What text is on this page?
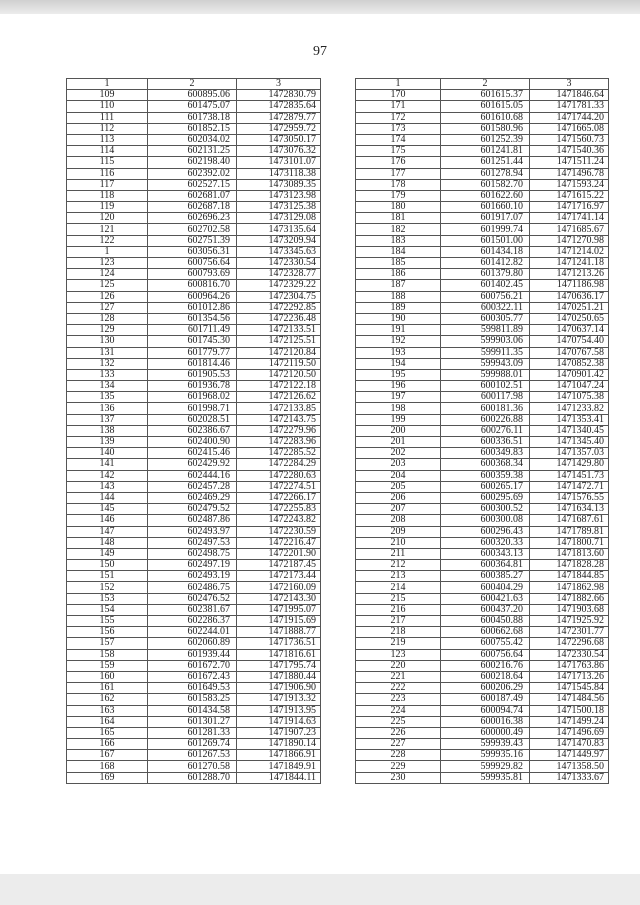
97
1	2	3
109	600895.06	1472830.79
110	601475.07	1472835.64
111	601738.18	1472879.77
112	601852.15	1472959.72
113	602034.02	1473050.17
114	602131.25	1473076.32
115	602198.40	1473101.07
116	602392.02	1473118.38
117	602527.15	1473089.35
118	602681.07	1473123.98
119	602687.18	1473125.38
120	602696.23	1473129.08
121	602702.58	1473135.64
122	602751.39	1473209.94
1	603056.31	1473345.63
123	600756.64	1472330.54
124	600793.69	1472328.77
125	600816.70	1472329.22
126	600964.26	1472304.75
127	601012.86	1472292.85
128	601354.56	1472236.48
129	601711.49	1472133.51
130	601745.30	1472125.51
131	601779.77	1472120.84
132	601814.46	1472119.50
133	601905.53	1472120.50
134	601936.78	1472122.18
135	601968.02	1472126.62
136	601998.71	1472133.85
137	602028.51	1472143.75
138	602386.67	1472279.96
139	602400.90	1472283.96
140	602415.46	1472285.52
141	602429.92	1472284.29
142	602444.16	1472280.63
143	602457.28	1472274.51
144	602469.29	1472266.17
145	602479.52	1472255.83
146	602487.86	1472243.82
147	602493.97	1472230.59
148	602497.53	1472216.47
149	602498.75	1472201.90
150	602497.19	1472187.45
151	602493.19	1472173.44
152	602486.75	1472160.09
153	602476.52	1472143.30
154	602381.67	1471995.07
155	602286.37	1471915.69
156	602244.01	1471888.77
157	602060.89	1471736.51
158	601939.44	1471816.61
159	601672.70	1471795.74
160	601672.43	1471880.44
161	601649.53	1471906.90
162	601583.25	1471913.32
163	601434.58	1471913.95
164	601301.27	1471914.63
165	601281.33	1471907.23
166	601269.74	1471890.14
167	601267.53	1471866.91
168	601270.58	1471849.91
169	601288.70	1471844.11
1	2	3
170	601615.37	1471846.64
171	601615.05	1471781.33
172	601610.68	1471744.20
173	601580.96	1471665.08
174	601252.39	1471560.73
175	601241.81	1471540.36
176	601251.44	1471511.24
177	601278.94	1471496.78
178	601582.70	1471593.24
179	601622.60	1471615.22
180	601660.10	1471716.97
181	601917.07	1471741.14
182	601999.74	1471685.67
183	601501.00	1471270.98
184	601434.18	1471214.02
185	601412.82	1471241.18
186	601379.80	1471213.26
187	601402.45	1471186.98
188	600756.21	1470636.17
189	600322.11	1470251.21
190	600305.77	1470250.65
191	599811.89	1470637.14
192	599903.06	1470754.40
193	599911.35	1470767.58
194	599943.09	1470852.38
195	599988.01	1470901.42
196	600102.51	1471047.24
197	600117.98	1471075.38
198	600181.36	1471233.82
199	600226.88	1471353.41
200	600276.11	1471340.45
201	600336.51	1471345.40
202	600349.83	1471357.03
203	600368.34	1471429.80
204	600359.38	1471451.73
205	600265.17	1471472.71
206	600295.69	1471576.55
207	600300.52	1471634.13
208	600300.08	1471687.61
209	600296.43	1471789.81
210	600320.33	1471800.71
211	600343.13	1471813.60
212	600364.81	1471828.28
213	600385.27	1471844.85
214	600404.29	1471862.98
215	600421.63	1471882.66
216	600437.20	1471903.68
217	600450.88	1471925.92
218	600662.68	1472301.77
219	600755.42	1472296.68
123	600756.64	1472330.54
220	600216.76	1471763.86
221	600218.64	1471713.26
222	600206.29	1471545.84
223	600187.49	1471484.56
224	600094.74	1471500.18
225	600016.38	1471499.24
226	600000.49	1471496.69
227	599939.43	1471470.83
228	599935.16	1471449.97
229	599929.82	1471358.50
230	599935.81	1471333.67
